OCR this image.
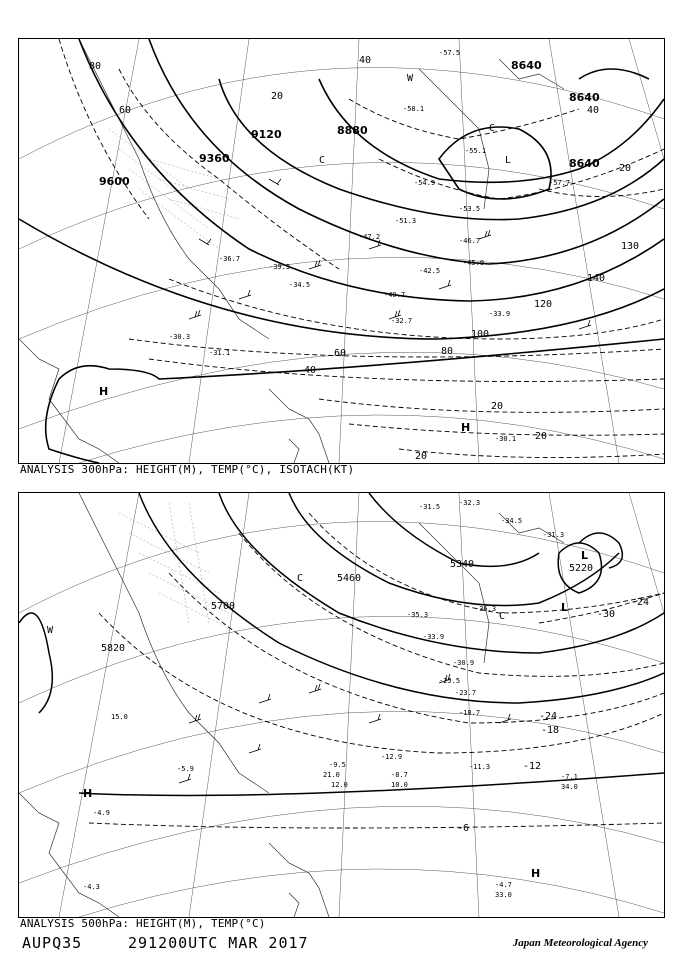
9600
9360
9120	8880
8640
8640
8640
80
60
40
20
20
20
20
40
60	80
100
120
140
130
20
40
H
H
C
L
W
C
-30.3
-31.1
-32.7
-33.9
-34.5
-36.7
-39.3
-40.7
-42.5
-45.9
-46.7
-47.2
-51.3
-53.5
-54.9
-57.5
-57.7
-58.1
-55.1
-30.1
ANALYSIS 300hPa: HEIGHT(M), TEMP(°C), ISOTACH(KT)
5820
5700
5460
5340	5220
-6
-12
-18
-24
-30
-24
H
H
L
L
W
C
C
-32.3
-31.5
-34.5
-31.3
-35.3
-36.3
-33.9
-30.9
-25.5
-23.7
-18.7
-12.9
-11.3
-9.5
-8.7	-7.1
-5.9
-4.9
-4.3	-4.7
33.0
34.0
21.0
12.0
15.0
10.0
ANALYSIS 500hPa: HEIGHT(M), TEMP(°C)
AUPQ35	291200UTC MAR 2017	Japan Meteorological Agency
